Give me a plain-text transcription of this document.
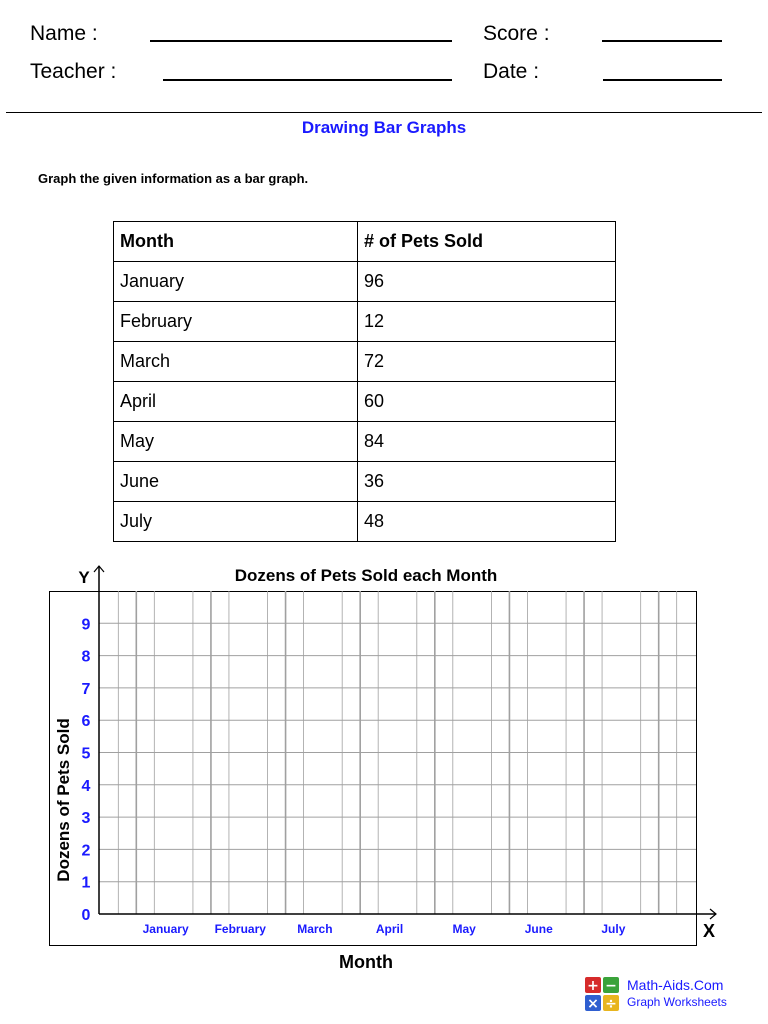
Name :
Teacher :
Score :
Date :
Drawing Bar Graphs
Graph the given information as a bar graph.
Month	# of Pets Sold
January	96
February	12
March	72
April	60
May	84
June	36
July	48
Dozens of Pets Sold each Month
Y
X
0
1
2
3
4
5
6
7
8
9
January February	March	April	May	June	July
Dozens of Pets Sold
Month
+ −
× ÷
Math-Aids.Com
Graph Worksheets
